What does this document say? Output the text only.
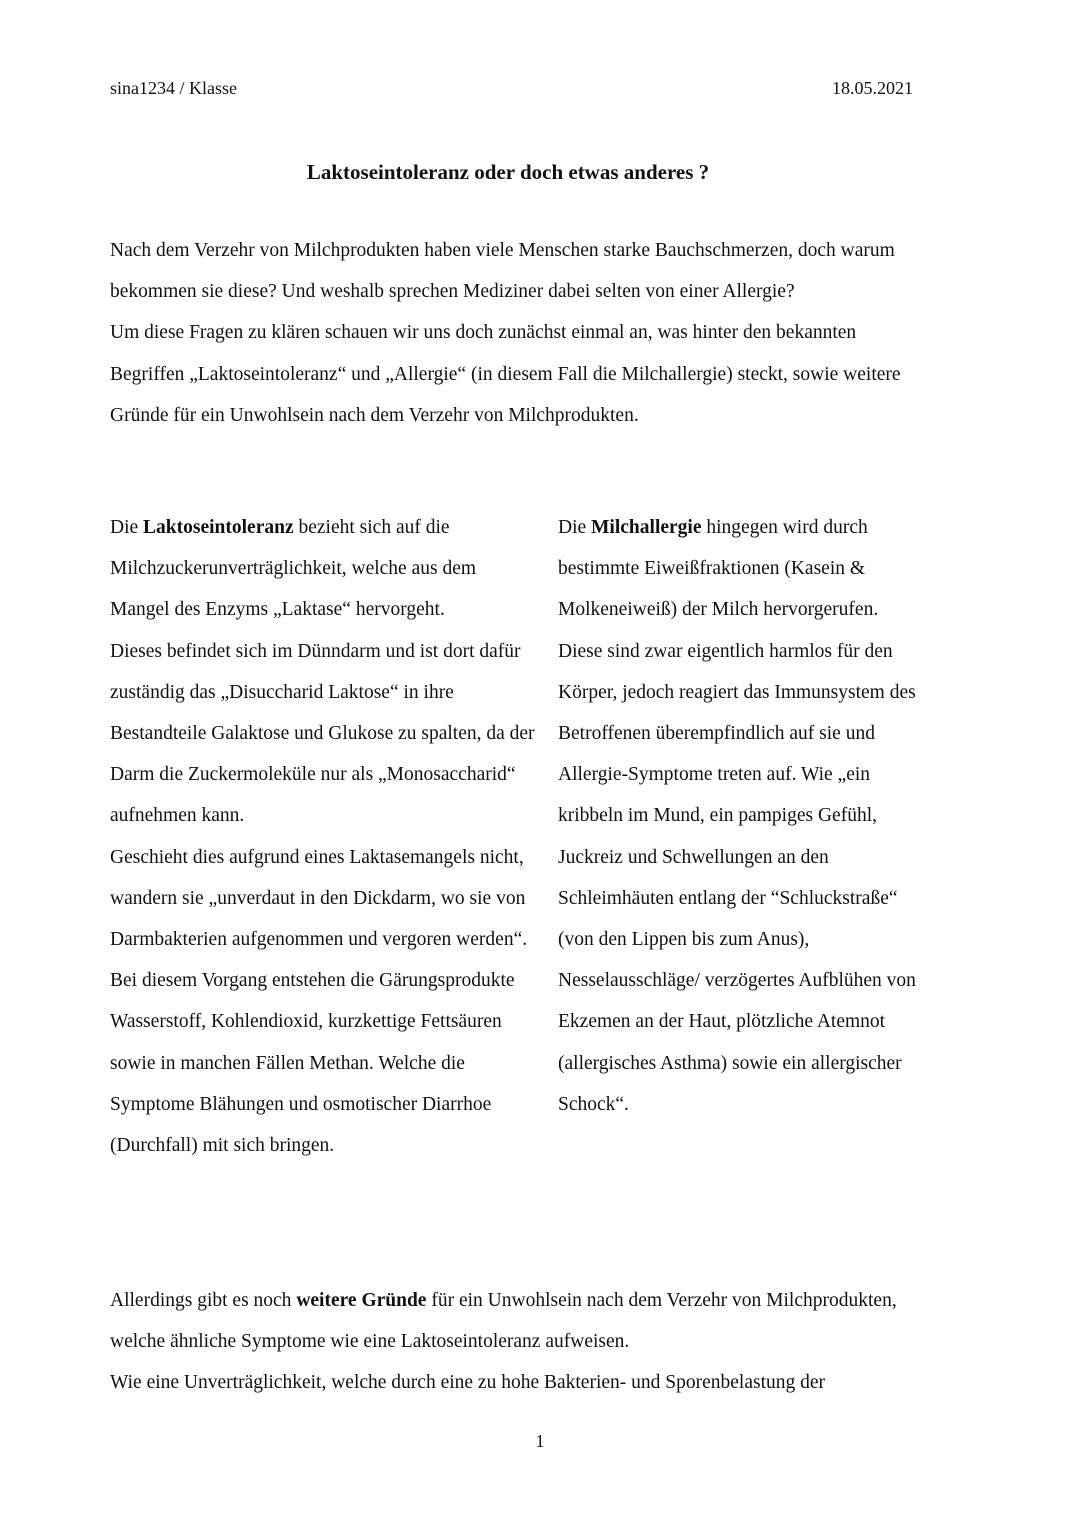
sina1234 / Klasse	18.05.2021
Laktoseintoleranz oder doch etwas anderes ?

Nach dem Verzehr von Milchprodukten haben viele Menschen starke Bauchschmerzen, doch warum bekommen sie diese? Und weshalb sprechen Mediziner dabei selten von einer Allergie?

Um diese Fragen zu klären schauen wir uns doch zunächst einmal an, was hinter den bekannten Begriffen „Laktoseintoleranz“ und „Allergie“ (in diesem Fall die Milchallergie) steckt, sowie weitere Gründe für ein Unwohlsein nach dem Verzehr von Milchprodukten.

Die Laktoseintoleranz bezieht sich auf die Milchzuckerunverträglichkeit, welche aus dem Mangel des Enzyms „Laktase“ hervorgeht.

Dieses befindet sich im Dünndarm und ist dort dafür zuständig das „Disuccharid Laktose“ in ihre Bestandteile Galaktose und Glukose zu spalten, da der Darm die Zuckermoleküle nur als „Monosaccharid“ aufnehmen kann.

Geschieht dies aufgrund eines Laktasemangels nicht, wandern sie „unverdaut in den Dickdarm, wo sie von Darmbakterien aufgenommen und vergoren werden“.

Bei diesem Vorgang entstehen die Gärungsprodukte Wasserstoff, Kohlendioxid, kurzkettige Fettsäuren sowie in manchen Fällen Methan. Welche die Symptome Blähungen und osmotischer Diarrhoe (Durchfall) mit sich bringen.

Die Milchallergie hingegen wird durch bestimmte Eiweißfraktionen (Kasein & Molkeneiweiß) der Milch hervorgerufen.

Diese sind zwar eigentlich harmlos für den Körper, jedoch reagiert das Immunsystem des Betroffenen überempfindlich auf sie und Allergie-Symptome treten auf. Wie „ein kribbeln im Mund, ein pampiges Gefühl, Juckreiz und Schwellungen an den Schleimhäuten entlang der “Schluckstraße“ (von den Lippen bis zum Anus), Nesselausschläge/ verzögertes Aufblühen von Ekzemen an der Haut, plötzliche Atemnot (allergisches Asthma) sowie ein allergischer Schock“.

Allerdings gibt es noch weitere Gründe für ein Unwohlsein nach dem Verzehr von Milchprodukten, welche ähnliche Symptome wie eine Laktoseintoleranz aufweisen.

Wie eine Unverträglichkeit, welche durch eine zu hohe Bakterien- und Sporenbelastung der

1
